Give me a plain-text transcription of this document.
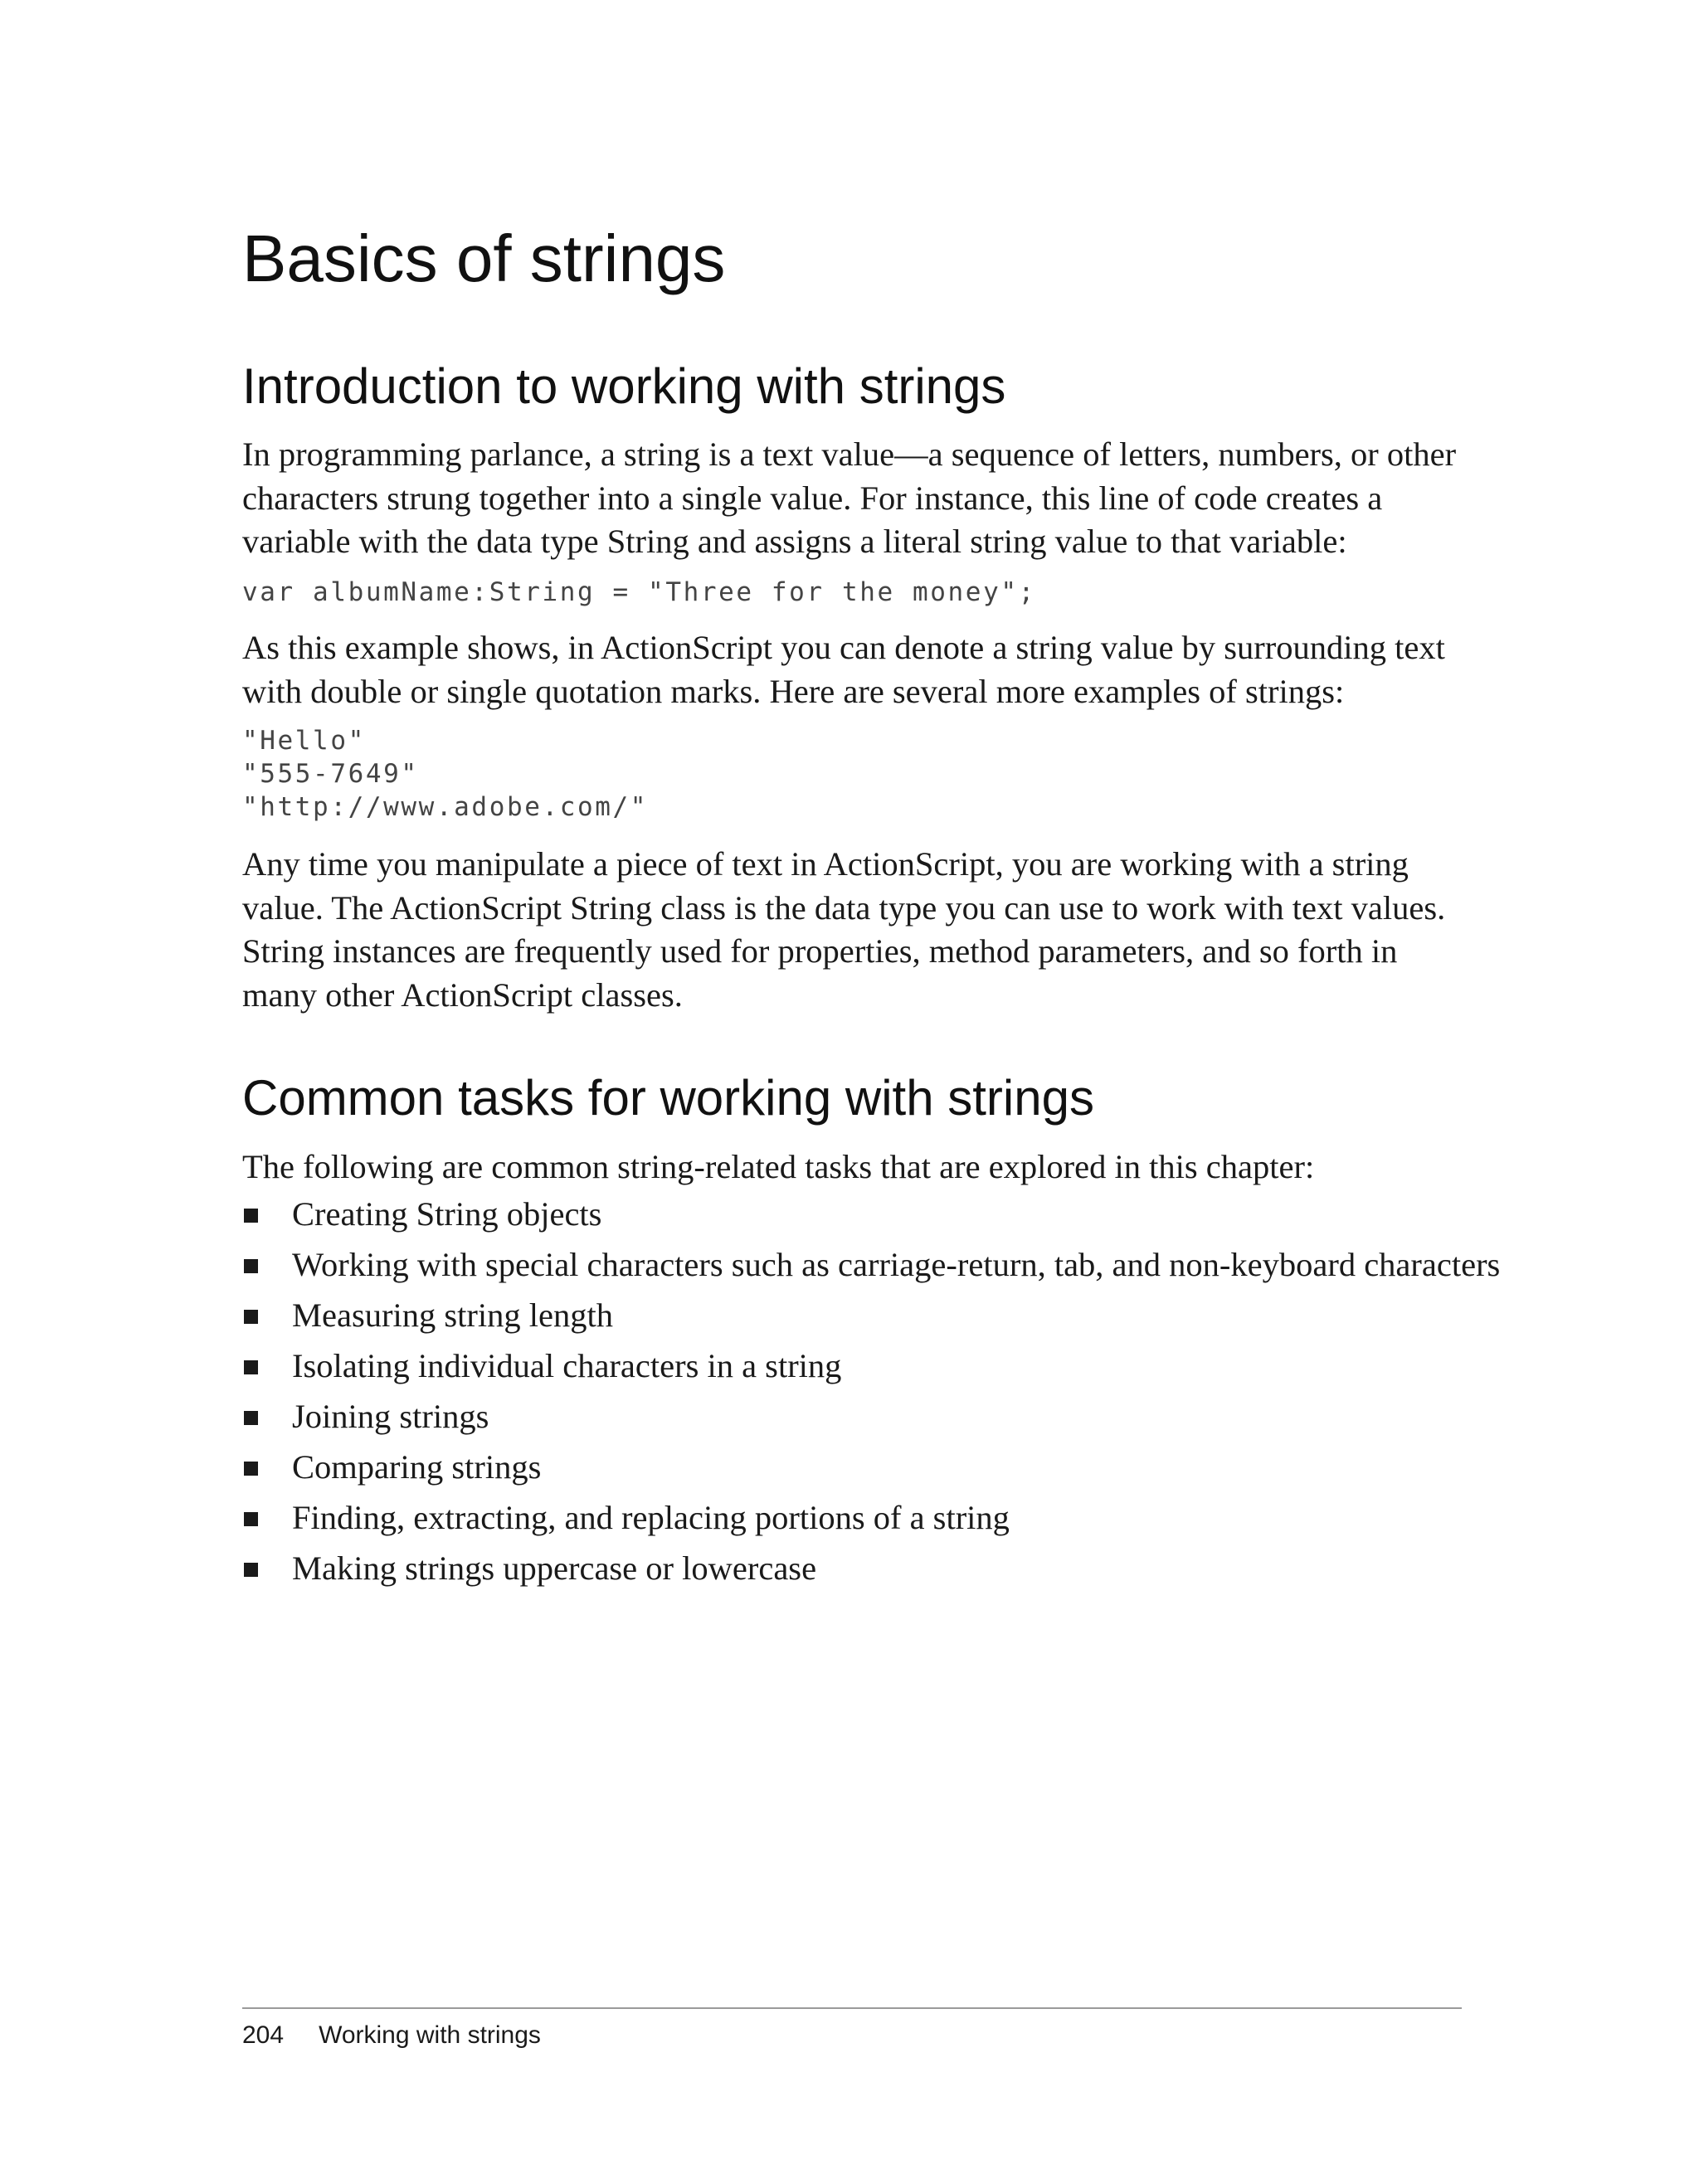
Basics of strings
Introduction to working with strings

In programming parlance, a string is a text value—a sequence of letters, numbers, or other characters strung together into a single value. For instance, this line of code creates a variable with the data type String and assigns a literal string value to that variable:

var albumName:String = "Three for the money";

As this example shows, in ActionScript you can denote a string value by surrounding text with double or single quotation marks. Here are several more examples of strings:

"Hello"
"555-7649"
"http://www.adobe.com/"

Any time you manipulate a piece of text in ActionScript, you are working with a string value. The ActionScript String class is the data type you can use to work with text values. String instances are frequently used for properties, method parameters, and so forth in many other ActionScript classes.

Common tasks for working with strings

The following are common string-related tasks that are explored in this chapter:

Creating String objects
Working with special characters such as carriage-return, tab, and non-keyboard characters
Measuring string length
Isolating individual characters in a string
Joining strings
Comparing strings
Finding, extracting, and replacing portions of a string
Making strings uppercase or lowercase
204 Working with strings
